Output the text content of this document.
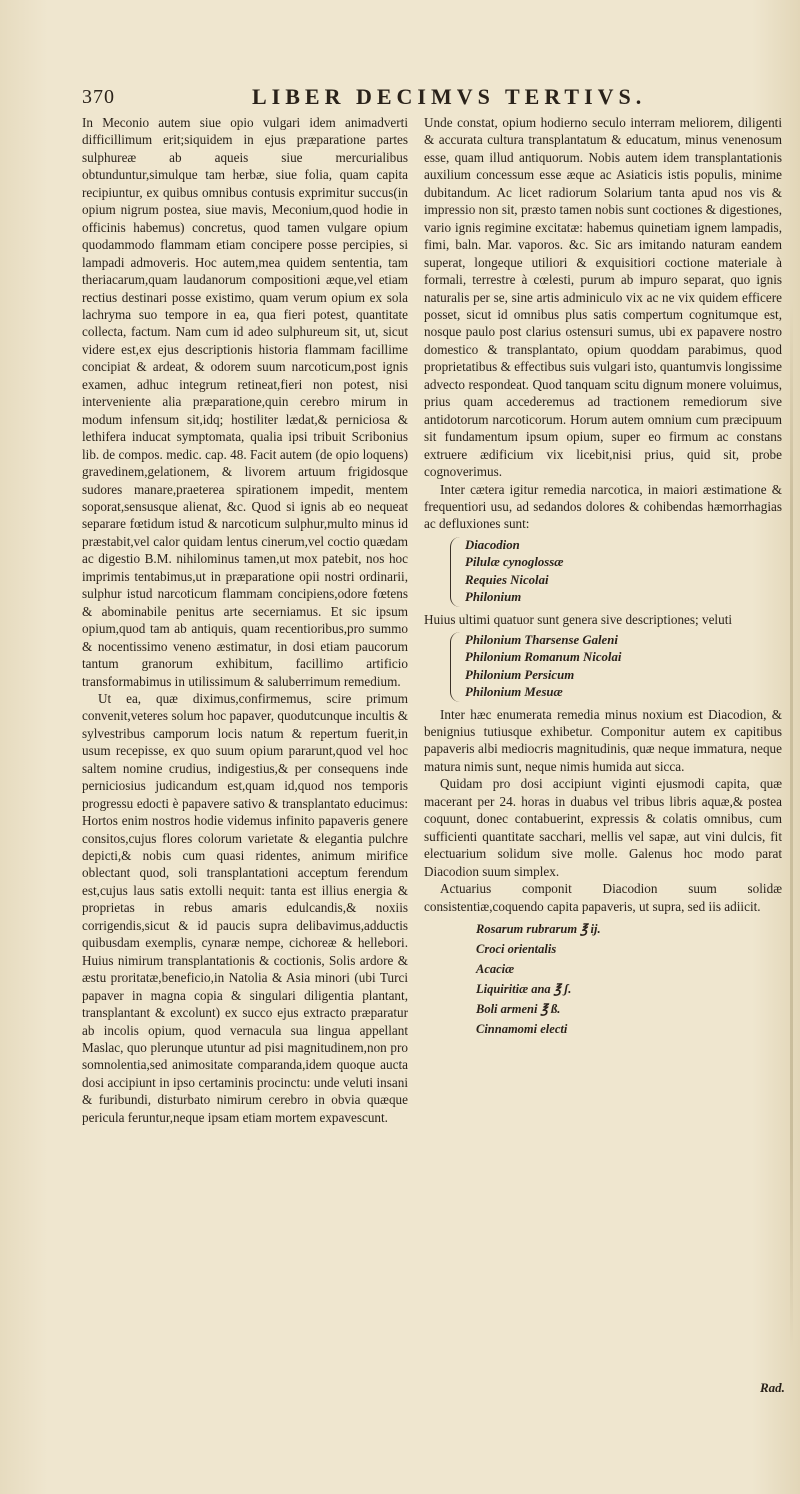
370	LIBER DECIMVS TERTIVS.

In Meconio autem siue opio vulgari idem animadverti difficillimum erit;siquidem in ejus præparatione partes sulphureæ ab aqueis siue mercurialibus obtunduntur,simulque tam herbæ, siue folia, quam capita recipiuntur, ex quibus omnibus contusis exprimitur succus(in opium nigrum postea, siue mavis, Meconium,quod hodie in officinis habemus) concretus, quod tamen vulgare opium quodammodo flammam etiam concipere posse percipies, si lampadi admoveris. Hoc autem,mea quidem sententia, tam theriacarum,quam laudanorum compositioni æque,vel etiam rectius destinari posse existimo, quam verum opium ex sola lachryma suo tempore in ea, qua fieri potest, quantitate collecta, factum. Nam cum id adeo sulphureum sit, ut, sicut videre est,ex ejus descriptionis historia flammam facillime concipiat & ardeat, & odorem suum narcoticum,post ignis examen, adhuc integrum retineat,fieri non potest, nisi interveniente alia præparatione,quin cerebro mirum in modum infensum sit,idq; hostiliter lædat,& perniciosa & lethifera inducat symptomata, qualia ipsi tribuit Scribonius lib. de compos. medic. cap. 48. Facit autem (de opio loquens) gravedinem,gelationem, & livorem artuum frigidosque sudores manare,praeterea spirationem impedit, mentem soporat,sensusque alienat, &c. Quod si ignis ab eo nequeat separare fœtidum istud & narcoticum sulphur,multo minus id præstabit,vel calor quidam lentus cinerum,vel coctio quædam ac digestio B.M. nihilominus tamen,ut mox patebit, nos hoc imprimis tentabimus,ut in præparatione opii nostri ordinarii, sulphur istud narcoticum flammam concipiens,odore fœtens & abominabile penitus arte secerniamus. Et sic ipsum opium,quod tam ab antiquis, quam recentioribus,pro summo & nocentissimo veneno æstimatur, in dosi etiam paucorum tantum granorum exhibitum, facillimo artificio transformabimus in utilissimum & saluberrimum remedium.

Ut ea, quæ diximus,confirmemus, scire primum convenit,veteres solum hoc papaver, quodutcunque incultis & sylvestribus camporum locis natum & repertum fuerit,in usum recepisse, ex quo suum opium pararunt,quod vel hoc saltem nomine crudius, indigestius,& per consequens inde perniciosius judicandum est,quam id,quod nos temporis progressu edocti è papavere sativo & transplantato educimus: Hortos enim nostros hodie videmus infinito papaveris genere consitos,cujus flores colorum varietate & elegantia pulchre depicti,& nobis cum quasi ridentes, animum mirifice oblectant quod, soli transplantationi acceptum ferendum est,cujus laus satis extolli nequit: tanta est illius energia & proprietas in rebus amaris edulcandis,& noxiis corrigendis,sicut & id paucis supra delibavimus,adductis quibusdam exemplis, cynaræ nempe, cichoreæ & hellebori. Huius nimirum transplantationis & coctionis, Solis ardore & æstu proritatæ,beneficio,in Natolia & Asia minori (ubi Turci papaver in magna copia & singulari diligentia plantant, transplantant & excolunt) ex succo ejus extracto præparatur ab incolis opium, quod vernacula sua lingua appellant Maslac, quo plerunque utuntur ad pisi magnitudinem,non pro somnolentia,sed animositate comparanda,idem quoque aucta dosi accipiunt in ipso certaminis procinctu: unde veluti insani & furibundi, disturbato nimirum cerebro in obvia quæque pericula feruntur,neque ipsam etiam mortem expavescunt.

Unde constat, opium hodierno seculo interram meliorem, diligenti & accurata cultura transplantatum & educatum, minus venenosum esse, quam illud antiquorum. Nobis autem idem transplantationis auxilium concessum esse æque ac Asiaticis istis populis, minime dubitandum. Ac licet radiorum Solarium tanta apud nos vis & impressio non sit, præsto tamen nobis sunt coctiones & digestiones, vario ignis regimine excitatæ: habemus quinetiam ignem lampadis, fimi, baln. Mar. vaporos. &c. Sic ars imitando naturam eandem superat, longeque utiliori & exquisitiori coctione materiale à formali, terrestre à cœlesti, purum ab impuro separat, quo ignis naturalis per se, sine artis adminiculo vix ac ne vix quidem efficere posset, sicut id omnibus plus satis compertum cognitumque est, nosque paulo post clarius ostensuri sumus, ubi ex papavere nostro domestico & transplantato, opium quoddam parabimus, quod proprietatibus & effectibus suis vulgari isto, quantumvis longissime advecto respondeat. Quod tanquam scitu dignum monere voluimus, prius quam accederemus ad tractionem remediorum sive antidotorum narcoticorum. Horum autem omnium cum præcipuum sit fundamentum ipsum opium, super eo firmum ac constans extruere ædificium vix licebit,nisi prius, quid sit, probe cognoverimus.

Inter cætera igitur remedia narcotica, in maiori æstimatione & frequentiori usu, ad sedandos dolores & cohibendas hæmorrhagias ac defluxiones sunt:

Diacodion
Pilulæ cynoglossæ
Requies Nicolai
Philonium

Huius ultimi quatuor sunt genera sive descriptiones; veluti

Philonium Tharsense Galeni
Philonium Romanum Nicolai
Philonium Persicum
Philonium Mesuæ

Inter hæc enumerata remedia minus noxium est Diacodion, & benignius tutiusque exhibetur. Componitur autem ex capitibus papaveris albi mediocris magnitudinis, quæ neque immatura, neque matura nimis sunt, neque nimis humida aut sicca.

Quidam pro dosi accipiunt viginti ejusmodi capita, quæ macerant per 24. horas in duabus vel tribus libris aquæ,& postea coquunt, donec contabuerint, expressis & colatis omnibus, cum sufficienti quantitate sacchari, mellis vel sapæ, aut vini dulcis, fit electuarium solidum sive molle. Galenus hoc modo parat Diacodion suum simplex.

Actuarius componit Diacodion suum solidæ consistentiæ,coquendo capita papaveris, ut supra, sed iis adiicit.

Rosarum rubrarum ℥ ij.
Croci orientalis
Acaciæ
Liquiritiæ ana ℥ ʃ.
Boli armeni ℥ ß.
Cinnamomi electi
Rad.
